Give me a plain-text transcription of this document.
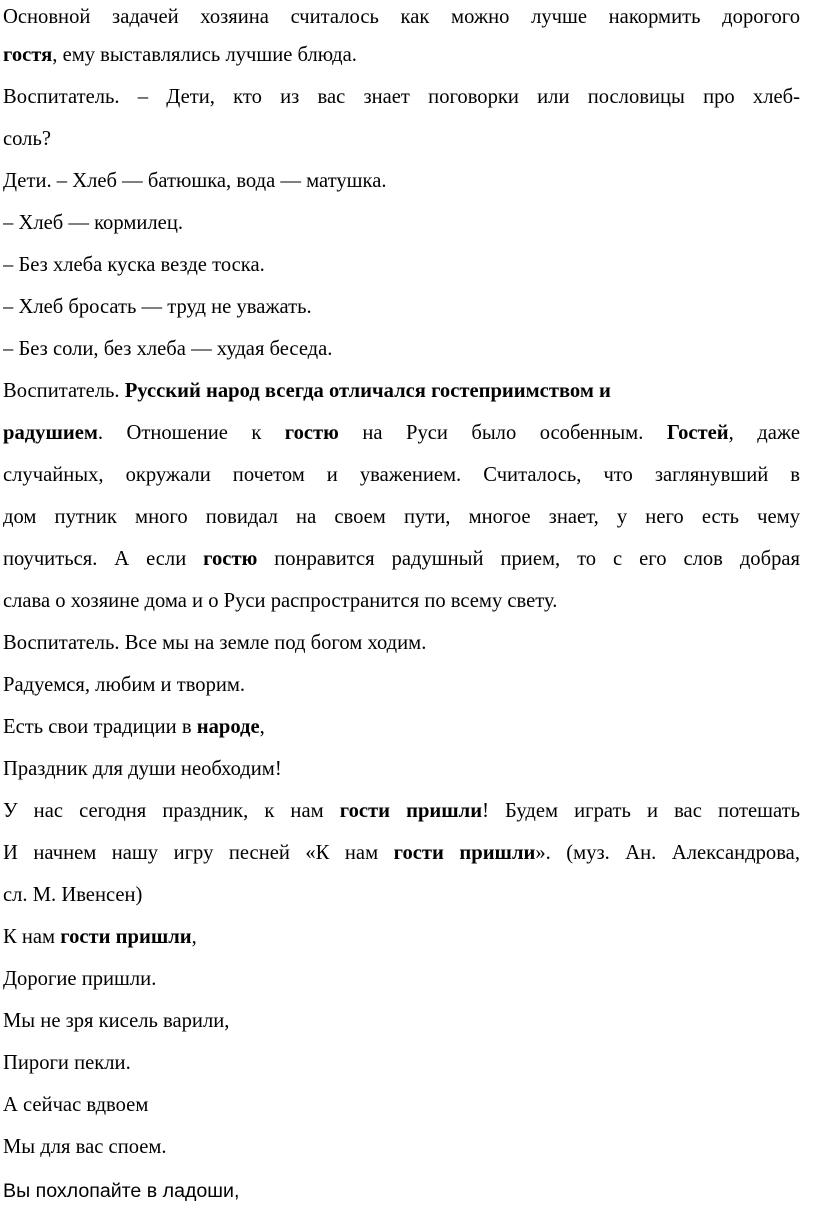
Основной задачей хозяина считалось как можно лучше накормить дорогого
гостя, ему выставлялись лучшие блюда.
Воспитатель. – Дети, кто из вас знает поговорки или пословицы про хлеб-
соль?
Дети. – Хлеб — батюшка, вода — матушка.
– Хлеб — кормилец.
– Без хлеба куска везде тоска.
– Хлеб бросать — труд не уважать.
– Без соли, без хлеба — худая беседа.
Воспитатель. Русский народ всегда отличался гостеприимством и
радушием. Отношение к гостю на Руси было особенным. Гостей, даже
случайных, окружали почетом и уважением. Считалось, что заглянувший в
дом путник много повидал на своем пути, многое знает, у него есть чему
поучиться. А если гостю понравится радушный прием, то с его слов добрая
слава о хозяине дома и о Руси распространится по всему свету.
Воспитатель. Все мы на земле под богом ходим.
Радуемся, любим и творим.
Есть свои традиции в народе,
Праздник для души необходим!
У нас сегодня праздник, к нам гости пришли! Будем играть и вас потешать
И начнем нашу игру песней «К нам гости пришли». (муз. Ан. Александрова,
сл. М. Ивенсен)
К нам гости пришли,
Дорогие пришли.
Мы не зря кисель варили,
Пироги пекли.
А сейчас вдвоем
Мы для вас споем.
Вы похлопайте в ладоши,
